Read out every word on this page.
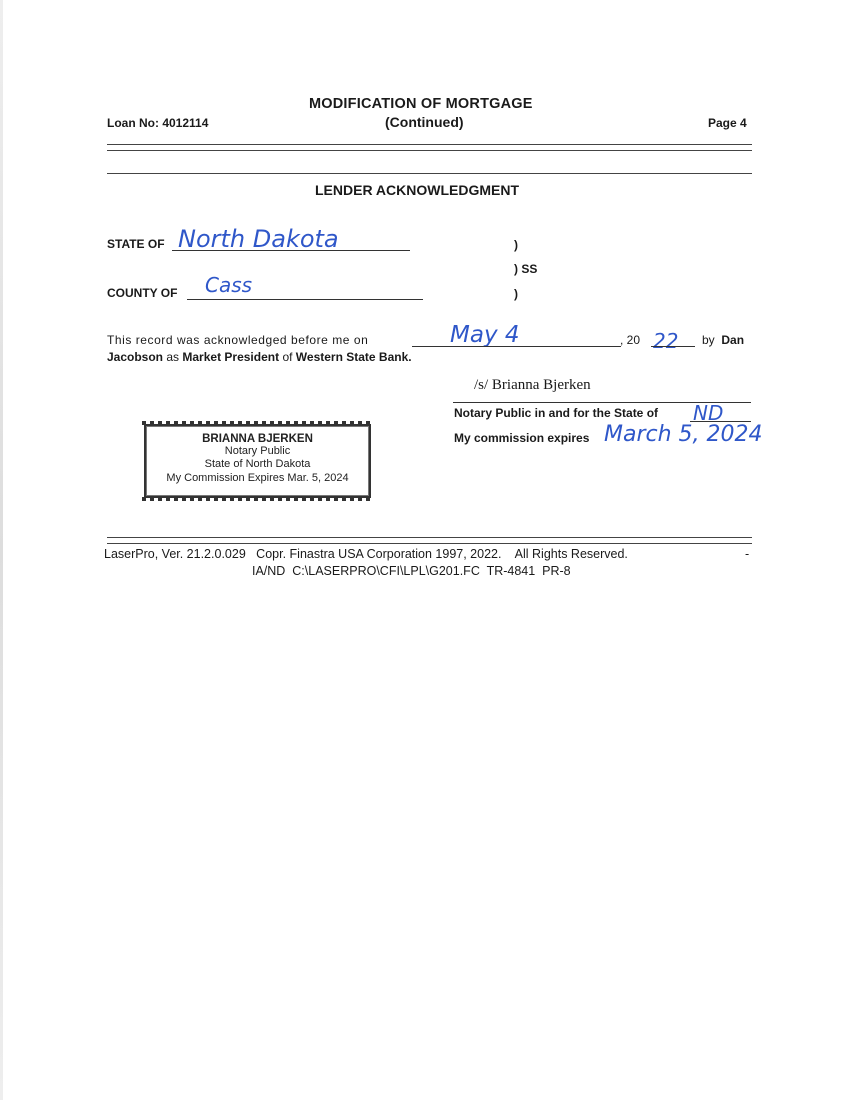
Loan No: 4012114
MODIFICATION OF MORTGAGE
(Continued)	Page 4
LENDER ACKNOWLEDGMENT
STATE OF North Dakota	)
) SS
)
COUNTY OF Cass
This record was acknowledged before me on	by Dan
, 20
May 4	22
Jacobson as Market President of Western State Bank.
/s/ Brianna Bjerken
Notary Public in and for the State of ND
My commission expires March 5, 2024
BRIANNA BJERKEN
Notary Public
State of North Dakota
My Commission Expires Mar. 5, 2024
LaserPro, Ver. 21.2.0.029   Copr. Finastra USA Corporation 1997, 2022.    All Rights Reserved.	-
IA/ND  C:\LASERPRO\CFI\LPL\G201.FC  TR-4841  PR-8
